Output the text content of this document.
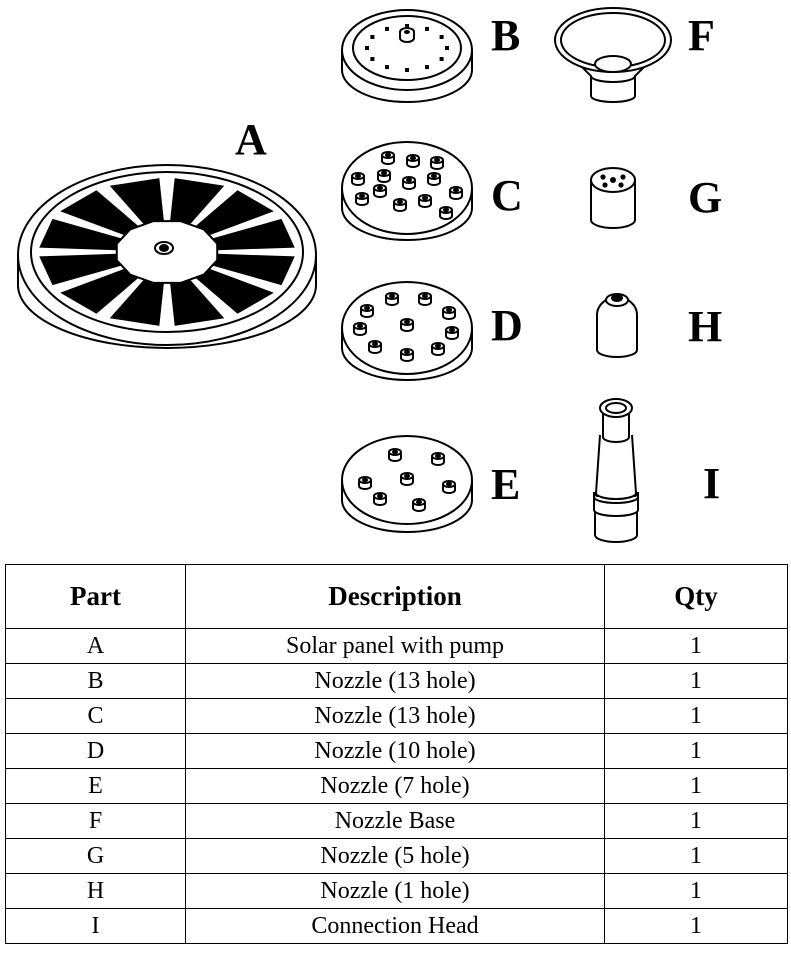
A
B
C
D
E
F
G
H
I
Part	Description	Qty
A	Solar panel with pump	1
B	Nozzle (13 hole)	1
C	Nozzle (13 hole)	1
D	Nozzle (10 hole)	1
E	Nozzle (7 hole)	1
F	Nozzle Base	1
G	Nozzle (5 hole)	1
H	Nozzle (1 hole)	1
I	Connection Head	1
